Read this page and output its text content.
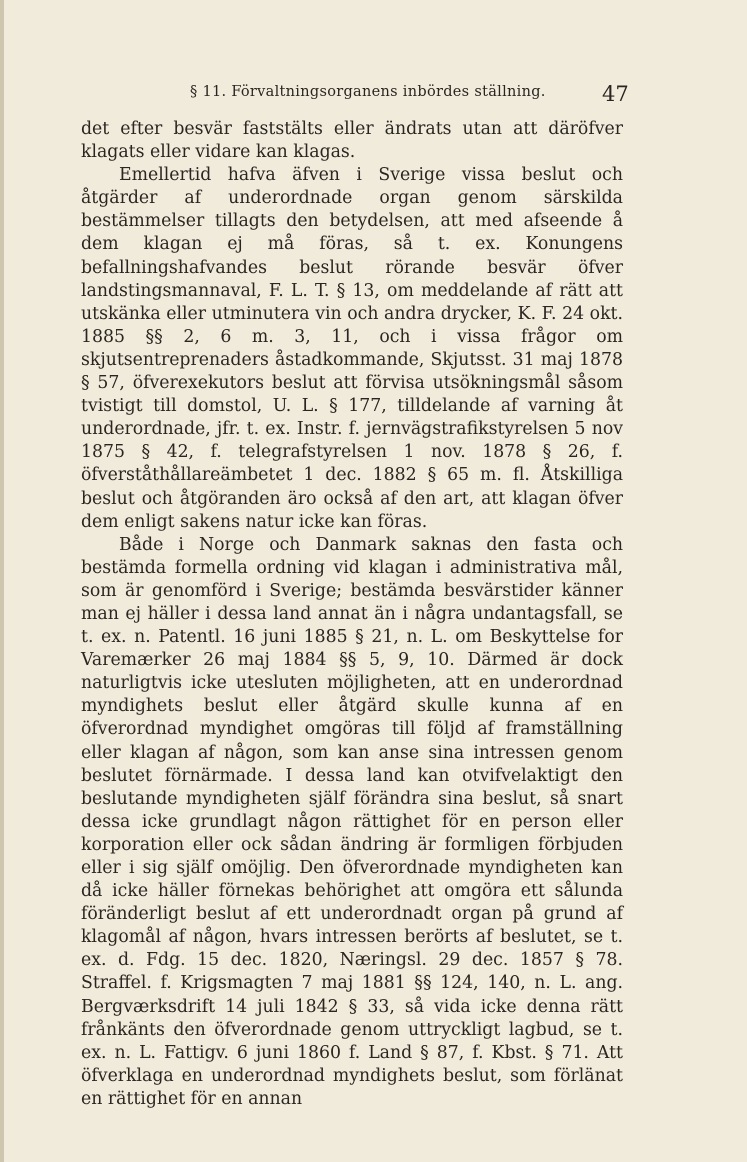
§ 11. Förvaltningsorganens inbördes ställning.	47

det efter besvär faststälts eller ändrats utan att däröfver klagats eller vidare kan klagas.

Emellertid hafva äfven i Sverige vissa beslut och åtgärder af underordnade organ genom särskilda bestämmelser tillagts den betydelsen, att med afseende å dem klagan ej må föras, så t. ex. Konungens befallningshafvandes beslut rörande besvär öfver landstingsmannaval, F. L. T. § 13, om meddelande af rätt att utskänka eller utminutera vin och andra drycker, K. F. 24 okt. 1885 §§ 2, 6 m. 3, 11, och i vissa frågor om skjutsentreprenaders åstadkommande, Skjutsst. 31 maj 1878 § 57, öfverexekutors beslut att förvisa utsökningsmål såsom tvistigt till domstol, U. L. § 177, tilldelande af varning åt underordnade, jfr. t. ex. Instr. f. jernvägstrafikstyrelsen 5 nov 1875 § 42, f. telegrafstyrelsen 1 nov. 1878 § 26, f. öfverståthållareämbetet 1 dec. 1882 § 65 m. fl. Åtskilliga beslut och åtgöranden äro också af den art, att klagan öfver dem enligt sakens natur icke kan föras.

Både i Norge och Danmark saknas den fasta och bestämda formella ordning vid klagan i administrativa mål, som är genomförd i Sverige; bestämda besvärstider känner man ej häller i dessa land annat än i några undantagsfall, se t. ex. n. Patentl. 16 juni 1885 § 21, n. L. om Beskyttelse for Varemærker 26 maj 1884 §§ 5, 9, 10. Därmed är dock naturligtvis icke utesluten möjligheten, att en underordnad myndighets beslut eller åtgärd skulle kunna af en öfverordnad myndighet omgöras till följd af framställning eller klagan af någon, som kan anse sina intressen genom beslutet förnärmade. I dessa land kan otvifvelaktigt den beslutande myndigheten själf förändra sina beslut, så snart dessa icke grundlagt någon rättighet för en person eller korporation eller ock sådan ändring är formligen förbjuden eller i sig själf omöjlig. Den öfverordnade myndigheten kan då icke häller förnekas behörighet att omgöra ett sålunda föränderligt beslut af ett underordnadt organ på grund af klagomål af någon, hvars intressen berörts af beslutet, se t. ex. d. Fdg. 15 dec. 1820, Næringsl. 29 dec. 1857 § 78. Straffel. f. Krigsmagten 7 maj 1881 §§ 124, 140, n. L. ang. Bergværksdrift 14 juli 1842 § 33, så vida icke denna rätt frånkänts den öfverordnade genom uttryckligt lagbud, se t. ex. n. L. Fattigv. 6 juni 1860 f. Land § 87, f. Kbst. § 71. Att öfverklaga en underordnad myndighets beslut, som förlänat en rättighet för en annan
